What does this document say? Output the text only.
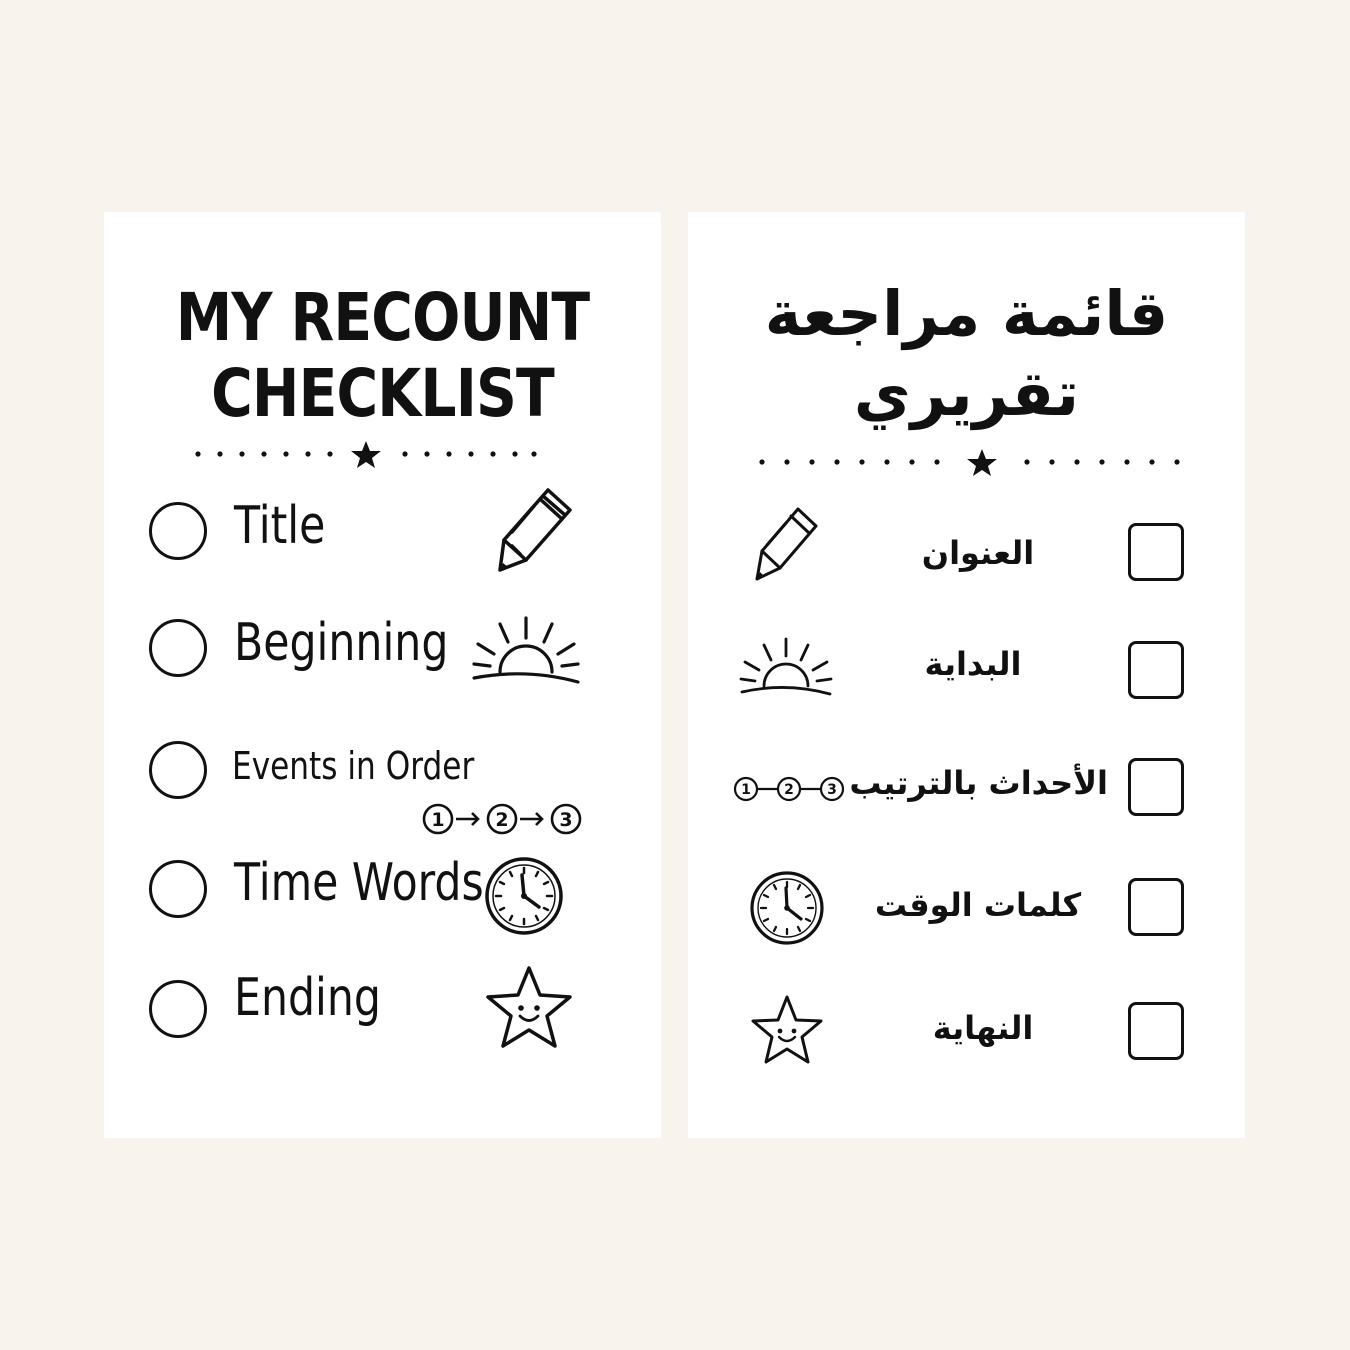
MY RECOUNT
CHECKLIST

Title

Beginning

Events in Order

1	2	3

Time Words

Ending

قائمة مراجعة
تقريري

العنوان

البداية

1 2 3 الأحداث بالترتيب

كلمات الوقت

النهاية
